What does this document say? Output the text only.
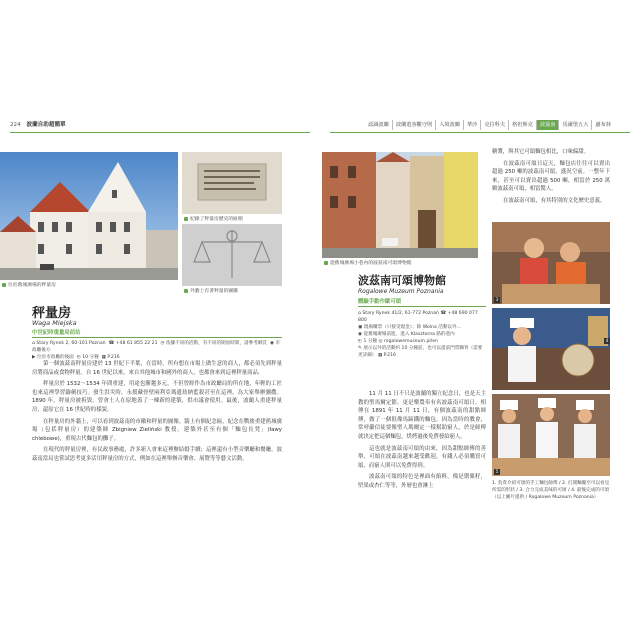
224 波蘭自助超簡單
位於舊城廣場的秤量房
紀錄了秤量房歷史的匾額
外牆上有著秤量的圖騰
秤量房
Waga Miejska
中世紀時重量局前站
⌂ Stary Rynek 2, 60-101 Poznań ☎ +48 61 855 22 21 ◷ 依據不同的活動，有不同的開放時間，請參考網頁 ◉ 市政廳後方
▶ 位於市政廳的後面 ◴ 10 分鐘 ▦ P.216

第一個波茲南秤量房建於 13 世紀下半葉，在當時，所有想在市場上做生意的商人，都必須先到秤量房將商品或食物秤量。自 16 世紀以來，來自其他城市和國外的商人，也都會來到這裡秤量商品。

秤量房於 1532～1534 年間重建，用途也漸趨多元，不但曾經作為市政廳局的所在地，年輕的工匠也來這裡學習鑄劍技巧。發生洪災時，永援藏骨壁兩利亞瑪遺劫納藍殺甚至在這裡，為大家舉辦彌撒。1890 年，秤量房被拆毀，曾會士人在原地蓋了一棟新的建築，供市議會使用。最後，波蘭人重建秤量房，還原它在 16 世紀時的樣貌。

在秤量房的外牆上，可以看到波茲南的市徽和秤量的圖像。牆上有個紀念匾，紀念在戰後重建舊城廣場（包括秤量房）的建築師 Zbigniew Zieliński 教授。建築外甚至有個「麵包長凳」(ławy chlebowe)，重現古代麵包的攤子。

在現代的秤量房裡，有民政事務處，許多新人會來這裡辦結婚手續；這裡還有小型音樂廳和餐廳。波茲南當局也嘗試思考更多活用秤量房的方式，例如在這裡舉辦音樂會、展覽等等藝文活動。

認識波蘭	波蘭遊客觀守則	入境波蘭	華沙	克拉科夫	格但斯克	波茲南	馬爾堡五大	盧布林
從舊城廣場小巷內的波茲南可頌博物館
波茲南可頌博物館
Rogalowe Muzeum Poznania
體驗手動作歐可頌
⌂ Stary Rynek 41/2, 61-772 Poznań ☎ +48 690 077 800
▣ 現場購票（只接受現金）；除 Wolna 活動以外…
◉ 從舊城廣場前進，進入 Klasztorna 路的巷內
◴ 1 分鐘 ◎ rogalowemuseum.pl/en
✎ 展示以外的活動約 10 分鐘前，也可以提前門票購買（需要更詳細） ▦ P.216

11 月 11 日不只是波蘭的獨立紀念日，也是天主教的聖馬爾定節。更是樂農奉有名波茲南可頌日。相傳在 1891 年 11 月 11 日，有個波茲南的甜點師傅，做了一個很像馬蹄鐵的麵包。因為當時的教會，常呼籲信徒要像聖人瑪爾定一樣幫助窮人，於是師傅就決定把這個麵包，烘烤過後免費發給窮人。

這也就是波茲南可頌的由來，因為甜點師傅的善舉，可頌在波茲南越來越受歡迎，有錢人必須購買可頌，而窮人則可以免費得到。

波茲南可頌的特色是裡面有餡料，像是罌粟籽，堅果或杏仁等等，外層也會淋上

糖漿，與其它可頌麵包相比，口味偏甜。

在波茲南可頌日這天，麵包店往往可以賣出超過 250 噸的波茲南可頌，盛況空前。一整年下來，甚至可以賣出超過 500 噸，相當於 250 萬顆波茲南可頌，相當驚人。

在波茲南可頌，有其特別的文化歷史意義。

3
4
5
1. 負責介紹可頌的手工麵包師傅 / 2. 打開麵團至可以看見所需的形狀 / 3. 合力完成美味的可頌 / 4. 最後完成的可頌（以上圖片提供 / Rogalowe Muzeum Poznania）
